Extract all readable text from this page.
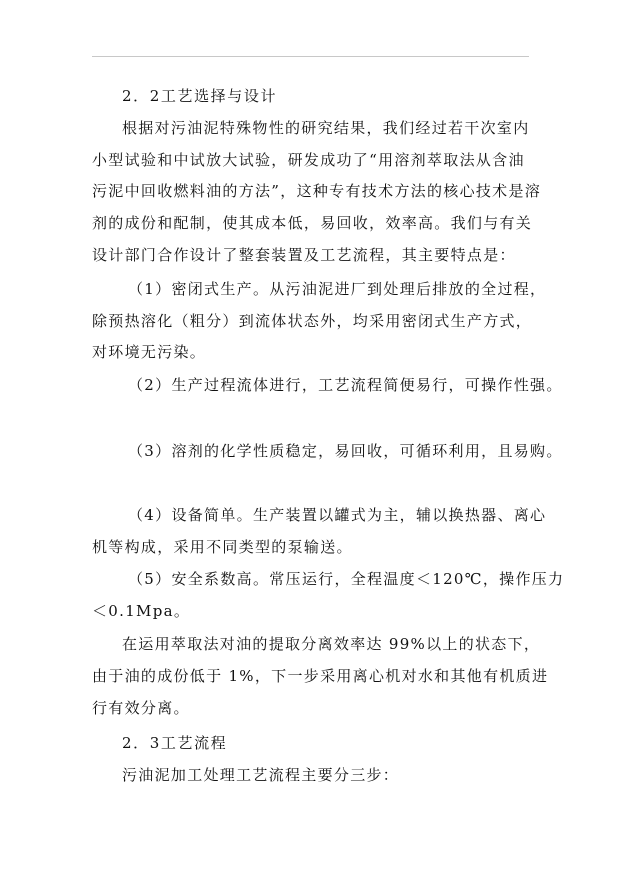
2．2工艺选择与设计
根据对污油泥特殊物性的研究结果，我们经过若干次室内
小型试验和中试放大试验，研发成功了“用溶剂萃取法从含油
污泥中回收燃料油的方法”，这种专有技术方法的核心技术是溶
剂的成份和配制，使其成本低，易回收，效率高。我们与有关
设计部门合作设计了整套装置及工艺流程，其主要特点是：
（1）密闭式生产。从污油泥进厂到处理后排放的全过程，
除预热溶化（粗分）到流体状态外，均采用密闭式生产方式，
对环境无污染。
（2）生产过程流体进行，工艺流程简便易行，可操作性强。
（3）溶剂的化学性质稳定，易回收，可循环利用，且易购。
（4）设备简单。生产装置以罐式为主，辅以换热器、离心
机等构成，采用不同类型的泵输送。
（5）安全系数高。常压运行，全程温度＜120℃，操作压力
＜0.1Mpa。
在运用萃取法对油的提取分离效率达 99%以上的状态下，
由于油的成份低于 1%，下一步采用离心机对水和其他有机质进
行有效分离。
2．3工艺流程
污油泥加工处理工艺流程主要分三步：
